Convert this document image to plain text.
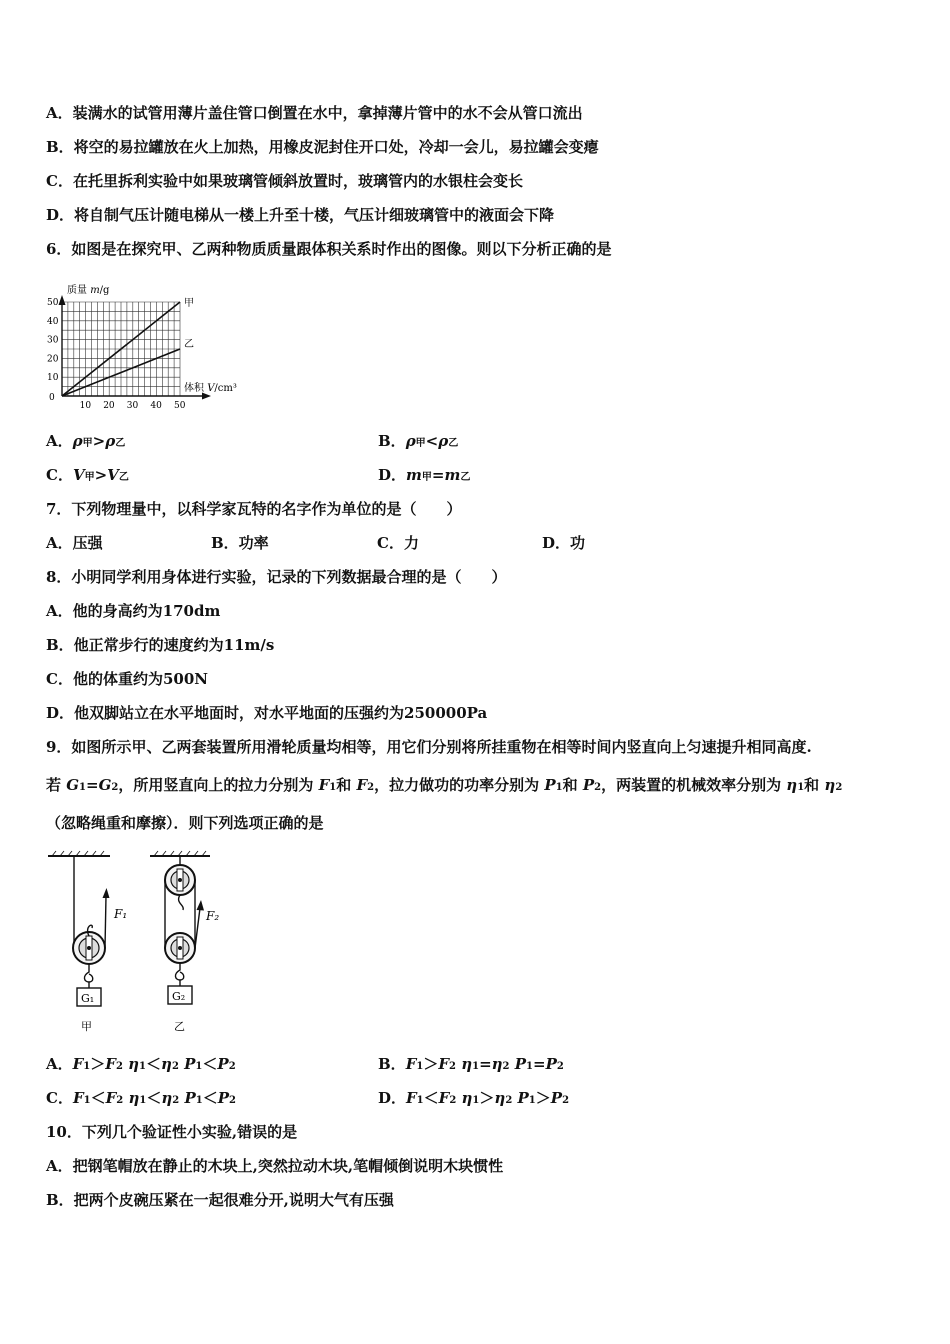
A．装满水的试管用薄片盖住管口倒置在水中，拿掉薄片管中的水不会从管口流出
B．将空的易拉罐放在火上加热，用橡皮泥封住开口处，冷却一会儿，易拉罐会变瘪
C．在托里拆利实验中如果玻璃管倾斜放置时，玻璃管内的水银柱会变长
D．将自制气压计随电梯从一楼上升至十楼，气压计细玻璃管中的液面会下降
6．如图是在探究甲、乙两种物质质量跟体积关系时作出的图像。则以下分析正确的是
质量 m/g
体积 V/cm³
0
10 20 30 40 50
10
20
30
40
50	甲
乙
A．ρ甲>ρ乙	B．ρ甲<ρ乙
C．V甲>V乙	D．m甲=m乙
7．下列物理量中，以科学家瓦特的名字作为单位的是（　　）
A．压强	B．功率	C．力	D．功
8．小明同学利用身体进行实验，记录的下列数据最合理的是（　　）
A．他的身高约为170dm
B．他正常步行的速度约为11m/s
C．他的体重约为500N
D．他双脚站立在水平地面时，对水平地面的压强约为250000Pa
9．如图所示甲、乙两套装置所用滑轮质量均相等，用它们分别将所挂重物在相等时间内竖直向上匀速提升相同高度.
若 G1=G2，所用竖直向上的拉力分别为 F1和 F2，拉力做功的功率分别为 P1和 P2，两装置的机械效率分别为 η1和 η2
（忽略绳重和摩擦）．则下列选项正确的是
F₁
G₁
甲
F₂
G₂
乙
A．F1＞F2 η1＜η2 P1＜P2	B．F1＞F2 η1=η2 P1=P2
C．F1＜F2 η1＜η2 P1＜P2	D．F1＜F2 η1＞η2 P1＞P2
10．下列几个验证性小实验,错误的是
A．把钢笔帽放在静止的木块上,突然拉动木块,笔帽倾倒说明木块惯性
B．把两个皮碗压紧在一起很难分开,说明大气有压强
